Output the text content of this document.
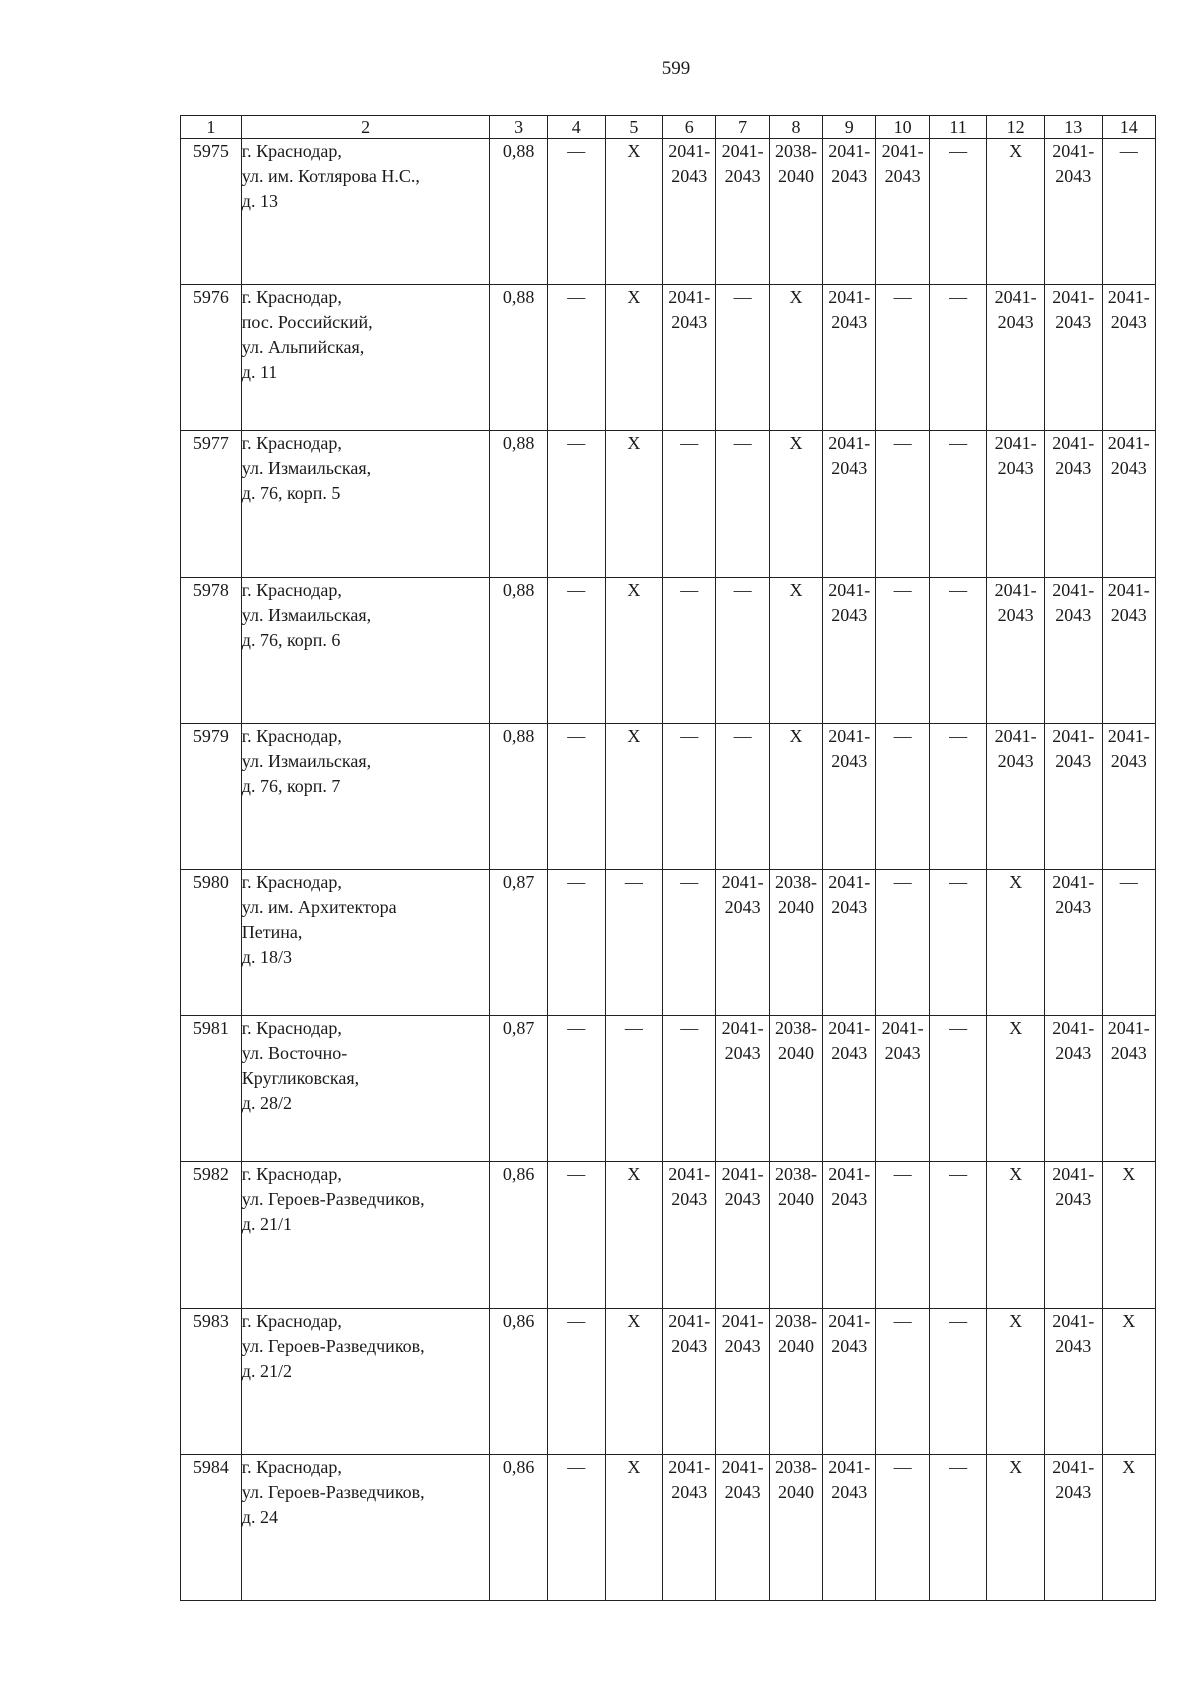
599
1	2	3	4	5	6	7	8	9	10	11	12	13	14
5975	г. Краснодар,
ул. им. Котлярова Н.С.,
д. 13	0,88	—	X	2041-
2043	2041-
2043	2038-
2040	2041-
2043	2041-
2043	—	X	2041-
2043	—

5976	г. Краснодар,
пос. Российский,
ул. Альпийская,
д. 11	0,88	—	X	2041-
2043	—	X	2041-
2043	—	—	2041-
2043	2041-
2043	2041-
2043

5977	г. Краснодар,
ул. Измаильская,
д. 76, корп. 5	0,88	—	X	—	—	X	2041-
2043	—	—	2041-
2043	2041-
2043	2041-
2043

5978	г. Краснодар,
ул. Измаильская,
д. 76, корп. 6	0,88	—	X	—	—	X	2041-
2043	—	—	2041-
2043	2041-
2043	2041-
2043

5979	г. Краснодар,
ул. Измаильская,
д. 76, корп. 7	0,88	—	X	—	—	X	2041-
2043	—	—	2041-
2043	2041-
2043	2041-
2043

5980	г. Краснодар,
ул. им. Архитектора
Петина,
д. 18/3	0,87	—	—	—	2041-
2043	2038-
2040	2041-
2043	—	—	X	2041-
2043	—

5981	г. Краснодар,
ул. Восточно-
Кругликовская,
д. 28/2	0,87	—	—	—	2041-
2043	2038-
2040	2041-
2043	2041-
2043	—	X	2041-
2043	2041-
2043

5982	г. Краснодар,
ул. Героев-Разведчиков,
д. 21/1	0,86	—	X	2041-
2043	2041-
2043	2038-
2040	2041-
2043	—	—	X	2041-
2043	X

5983	г. Краснодар,
ул. Героев-Разведчиков,
д. 21/2	0,86	—	X	2041-
2043	2041-
2043	2038-
2040	2041-
2043	—	—	X	2041-
2043	X

5984	г. Краснодар,
ул. Героев-Разведчиков,
д. 24	0,86	—	X	2041-
2043	2041-
2043	2038-
2040	2041-
2043	—	—	X	2041-
2043	X
